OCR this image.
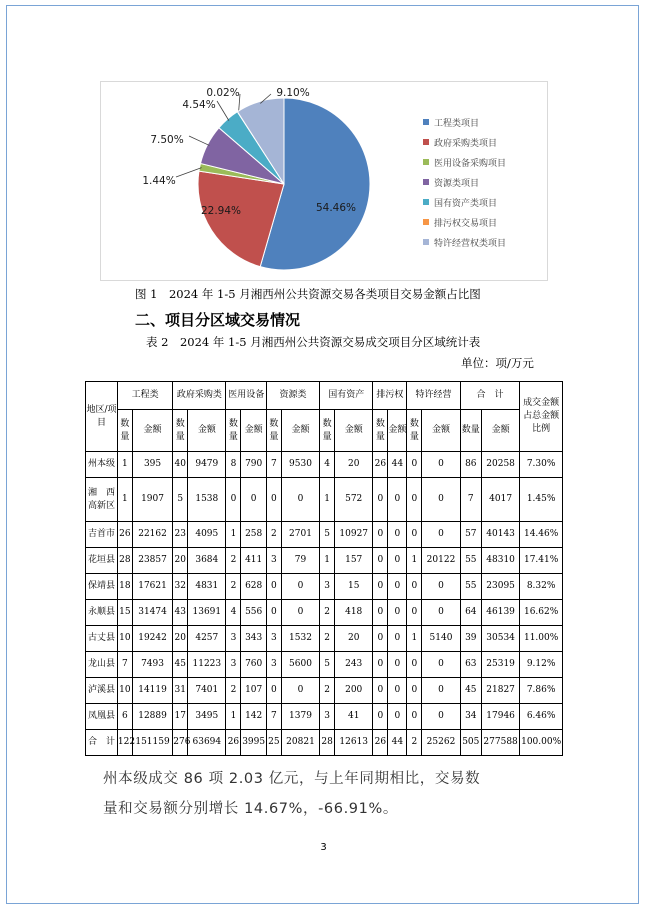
54.46%
22.94%
1.44%
7.50%
4.54%
0.02%	9.10%
工程类项目
政府采购类项目
医用设备采购项目
资源类项目
国有资产类项目
排污权交易项目
特许经营权类项目
图 1　2024 年 1-5 月湘西州公共资源交易各类项目交易金额占比图
二、项目分区域交易情况
表 2　2024 年 1-5 月湘西州公共资源交易成交项目分区域统计表
单位：项/万元
地区/项目	工程类		政府采购类		医用设备		资源类		国有资产		排污权		特许经营		合　计		成交金额占总金额比例
	数量	金额	数量	金额	数量	金额	数量	金额	数量	金额	数量	金额	数量	金额	数量	金额	
州本级	1	395	40	9479	8	790	7	9530	4	20	26	44	0	0	86	20258	7.30%
湘　西高新区	1	1907	5	1538	0	0	0	0	1	572	0	0	0	0	7	4017	1.45%
吉首市	26	22162	23	4095	1	258	2	2701	5	10927	0	0	0	0	57	40143	14.46%
花垣县	28	23857	20	3684	2	411	3	79	1	157	0	0	1	20122	55	48310	17.41%
保靖县	18	17621	32	4831	2	628	0	0	3	15	0	0	0	0	55	23095	8.32%
永顺县	15	31474	43	13691	4	556	0	0	2	418	0	0	0	0	64	46139	16.62%
古丈县	10	19242	20	4257	3	343	3	1532	2	20	0	0	1	5140	39	30534	11.00%
龙山县	7	7493	45	11223	3	760	3	5600	5	243	0	0	0	0	63	25319	9.12%
泸溪县	10	14119	31	7401	2	107	0	0	2	200	0	0	0	0	45	21827	7.86%
凤凰县	6	12889	17	3495	1	142	7	1379	3	41	0	0	0	0	34	17946	6.46%
合　计	122	151159	276	63694	26	3995	25	20821	28	12613	26	44	2	25262	505	277588	100.00%
州本级成交 86 项 2.03 亿元，与上年同期相比，交易数
量和交易额分别增长 14.67%，-66.91%。
3
